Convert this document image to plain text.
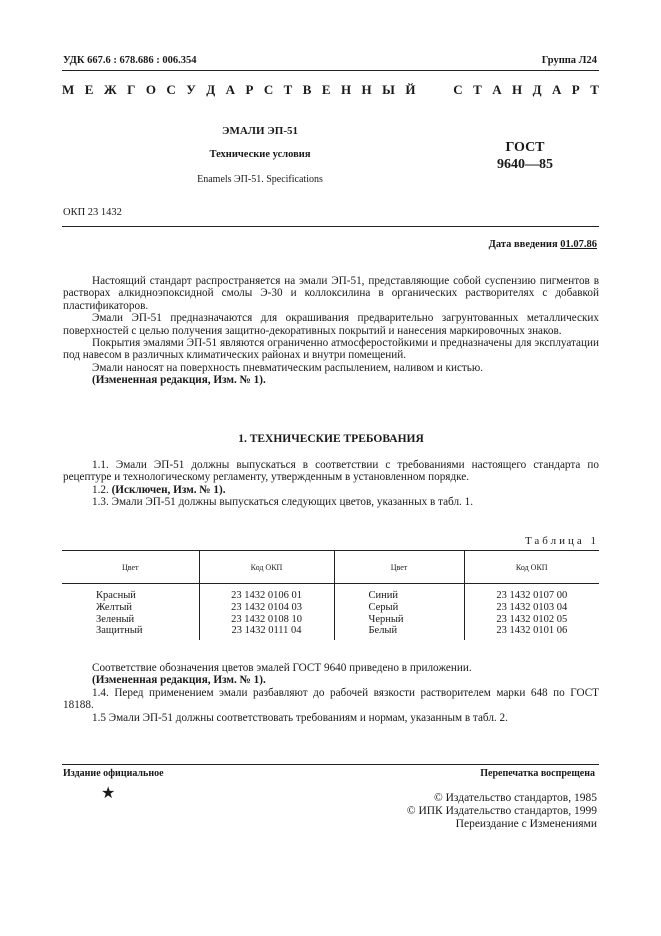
УДК 667.6 : 678.686 : 006.354	Группа Л24
М Е Ж Г О С У Д А Р С Т В Е Н Н Ы Й

	С Т А Н Д А Р Т
ЭМАЛИ ЭП-51
Технические условия
Enamels ЭП-51. Specifications
ГОСТ
9640—85
ОКП 23 1432
Дата введения 01.07.86

Настоящий стандарт распространяется на эмали ЭП-51, представляющие собой суспензию пигментов в растворах алкидноэпоксидной смолы Э-30 и коллоксилина в органических растворителях с добавкой пластификаторов.

Эмали ЭП-51 предназначаются для окрашивания предварительно загрунтованных металлических поверхностей с целью получения защитно-декоративных покрытий и нанесения маркировочных знаков.

Покрытия эмалями ЭП-51 являются ограниченно атмосферостойкими и предназначены для эксплуатации под навесом в различных климатических районах и внутри помещений.

Эмали наносят на поверхность пневматическим распылением, наливом и кистью.

(Измененная редакция, Изм. № 1).

1. ТЕХНИЧЕСКИЕ ТРЕБОВАНИЯ

1.1. Эмали ЭП-51 должны выпускаться в соответствии с требованиями настоящего стандарта по рецептуре и технологическому регламенту, утвержденным в установленном порядке.

1.2. (Исключен, Изм. № 1).

1.3. Эмали ЭП-51 должны выпускаться следующих цветов, указанных в табл. 1.

Таблица 1
Цвет	Код ОКП	Цвет	Код ОКП
Красный	23 1432 0106 01	Синий	23 1432 0107 00
Желтый	23 1432 0104 03	Серый	23 1432 0103 04
Зеленый	23 1432 0108 10	Черный	23 1432 0102 05
Защитный	23 1432 0111 04	Белый	23 1432 0101 06

Соответствие обозначения цветов эмалей ГОСТ 9640 приведено в приложении.

(Измененная редакция, Изм. № 1).

1.4. Перед применением эмали разбавляют до рабочей вязкости растворителем марки 648 по ГОСТ 18188.

1.5 Эмали ЭП-51 должны соответствовать требованиям и нормам, указанным в табл. 2.

Издание официальное	Перепечатка воспрещена
★	© Издательство стандартов, 1985
© ИПК Издательство стандартов, 1999
Переиздание с Изменениями
